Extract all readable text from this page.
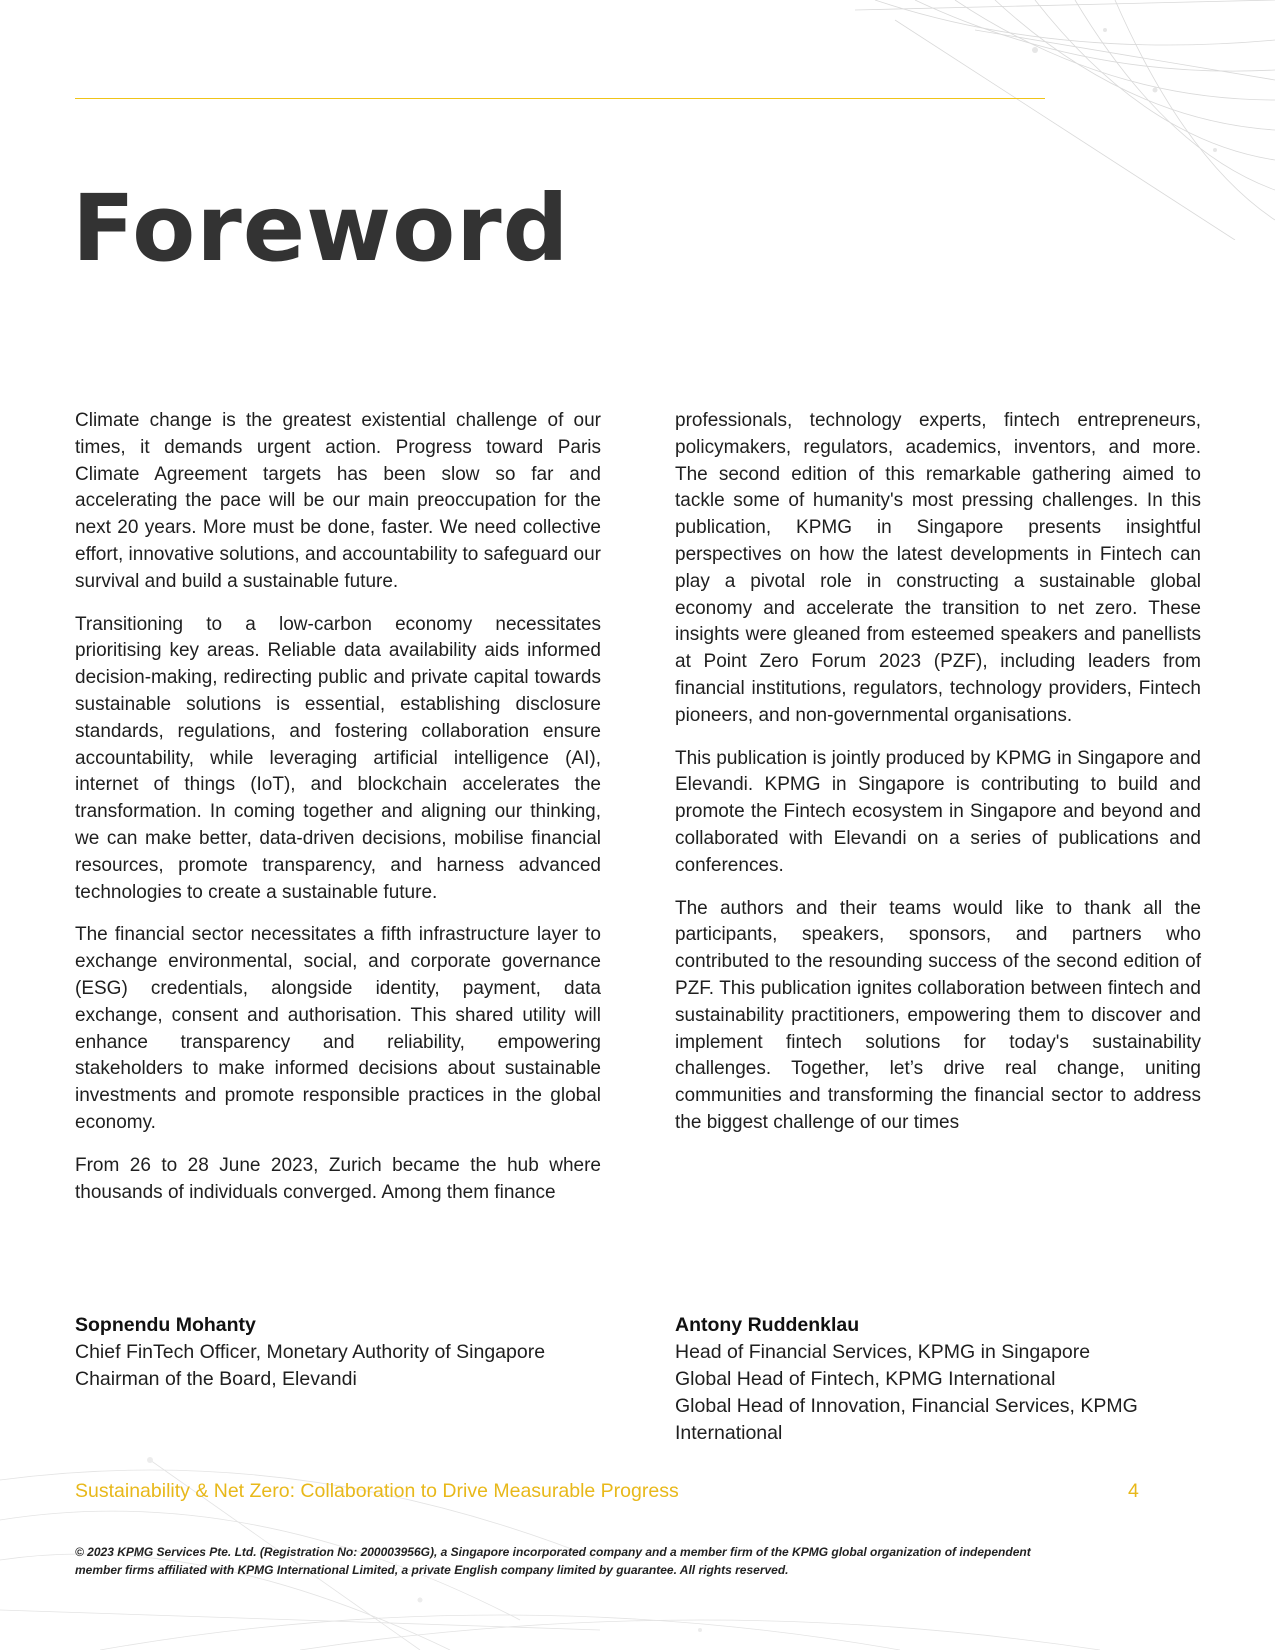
Foreword

Climate change is the greatest existential challenge of our times, it demands urgent action. Progress toward Paris Climate Agreement targets has been slow so far and accelerating the pace will be our main preoccupation for the next 20 years. More must be done, faster. We need collective effort, innovative solutions, and accountability to safeguard our survival and build a sustainable future.

Transitioning to a low-carbon economy necessitates prioritising key areas. Reliable data availability aids informed decision-making, redirecting public and private capital towards sustainable solutions is essential, establishing disclosure standards, regulations, and fostering collaboration ensure accountability, while leveraging artificial intelligence (AI), internet of things (IoT), and blockchain accelerates the transformation. In coming together and aligning our thinking, we can make better, data-driven decisions, mobilise financial resources, promote transparency, and harness advanced technologies to create a sustainable future.

The financial sector necessitates a fifth infrastructure layer to exchange environmental, social, and corporate governance (ESG) credentials, alongside identity, payment, data exchange, consent and authorisation. This shared utility will enhance transparency and reliability, empowering stakeholders to make informed decisions about sustainable investments and promote responsible practices in the global economy.

From 26 to 28 June 2023, Zurich became the hub where thousands of individuals converged. Among them finance

professionals, technology experts, fintech entrepreneurs, policymakers, regulators, academics, inventors, and more. The second edition of this remarkable gathering aimed to tackle some of humanity's most pressing challenges. In this publication, KPMG in Singapore presents insightful perspectives on how the latest developments in Fintech can play a pivotal role in constructing a sustainable global economy and accelerate the transition to net zero. These insights were gleaned from esteemed speakers and panellists at Point Zero Forum 2023 (PZF), including leaders from financial institutions, regulators, technology providers, Fintech pioneers, and non-governmental organisations.

This publication is jointly produced by KPMG in Singapore and Elevandi. KPMG in Singapore is contributing to build and promote the Fintech ecosystem in Singapore and beyond and collaborated with Elevandi on a series of publications and conferences.

The authors and their teams would like to thank all the participants, speakers, sponsors, and partners who contributed to the resounding success of the second edition of PZF. This publication ignites collaboration between fintech and sustainability practitioners, empowering them to discover and implement fintech solutions for today's sustainability challenges. Together, let’s drive real change, uniting communities and transforming the financial sector to address the biggest challenge of our times

Sopnendu Mohanty
Chief FinTech Officer, Monetary Authority of Singapore
Chairman of the Board, Elevandi
Antony Ruddenklau
Head of Financial Services, KPMG in Singapore
Global Head of Fintech, KPMG International
Global Head of Innovation, Financial Services, KPMG International
Sustainability & Net Zero: Collaboration to Drive Measurable Progress	4
© 2023 KPMG Services Pte. Ltd. (Registration No: 200003956G), a Singapore incorporated company and a member firm of the KPMG global organization of independent member firms affiliated with KPMG International Limited, a private English company limited by guarantee. All rights reserved.
